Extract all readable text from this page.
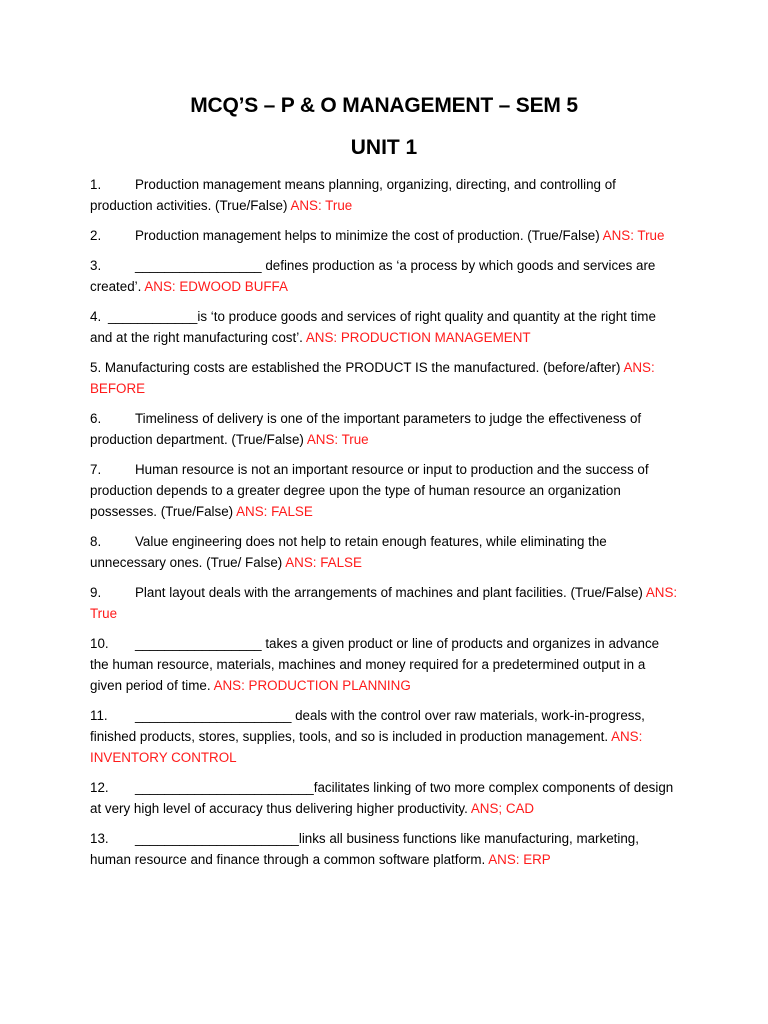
MCQ’S – P & O MANAGEMENT – SEM 5
UNIT 1

1.	Production management means planning, organizing, directing, and controlling of production activities. (True/False) ANS: True

2.	Production management helps to minimize the cost of production. (True/False) ANS: True

3.	_________________ defines production as ‘a process by which goods and services are created’. ANS: EDWOOD BUFFA

4. ____________is ‘to produce goods and services of right quality and quantity at the right time and at the right manufacturing cost’. ANS: PRODUCTION MANAGEMENT

5. Manufacturing costs are established the PRODUCT IS the manufactured. (before/after) ANS: BEFORE

6.	Timeliness of delivery is one of the important parameters to judge the effectiveness of production department. (True/False) ANS: True

7.	Human resource is not an important resource or input to production and the success of production depends to a greater degree upon the type of human resource an organization possesses. (True/False) ANS: FALSE

8.	Value engineering does not help to retain enough features, while eliminating the unnecessary ones. (True/ False) ANS: FALSE

9.	Plant layout deals with the arrangements of machines and plant facilities. (True/False) ANS: True

10. _________________ takes a given product or line of products and organizes in advance the human resource, materials, machines and money required for a predetermined output in a given period of time. ANS: PRODUCTION PLANNING

11. _____________________ deals with the control over raw materials, work-in-progress, finished products, stores, supplies, tools, and so is included in production management. ANS: INVENTORY CONTROL

12. ________________________facilitates linking of two more complex components of design at very high level of accuracy thus delivering higher productivity. ANS; CAD

13. ______________________links all business functions like manufacturing, marketing, human resource and finance through a common software platform. ANS: ERP
